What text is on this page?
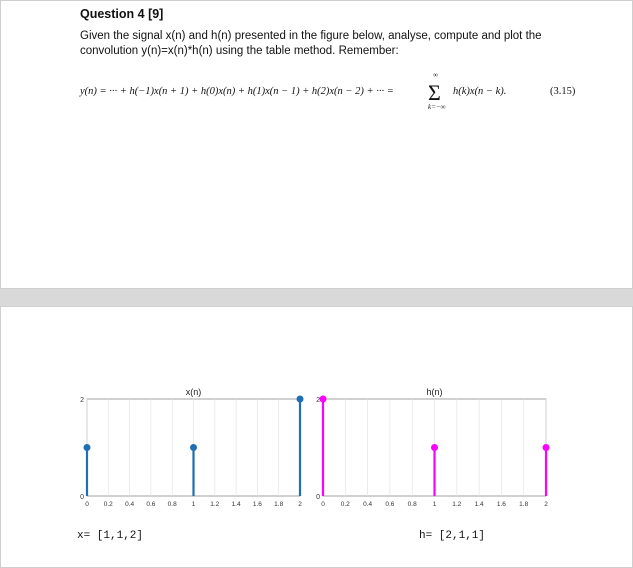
Question 4 [9]
Given the signal x(n) and h(n) presented in the figure below, analyse, compute and plot the
convolution y(n)=x(n)*h(n) using the table method. Remember:
y(n) = ··· + h(−1)x(n + 1) + h(0)x(n) + h(1)x(n − 1) + h(2)x(n − 2) + ··· =
∞
Σ
k=−∞
h(k)x(n − k).	(3.15)
0 0.2 0.4 0.6 0.8 1 1.2 1.4 1.6 1.8 2
0
2
x(n)
0 0.2 0.4 0.6 0.8 1 1.2 1.4 1.6 1.8 2
0
2
h(n)
x= [1,1,2]	h= [2,1,1]
